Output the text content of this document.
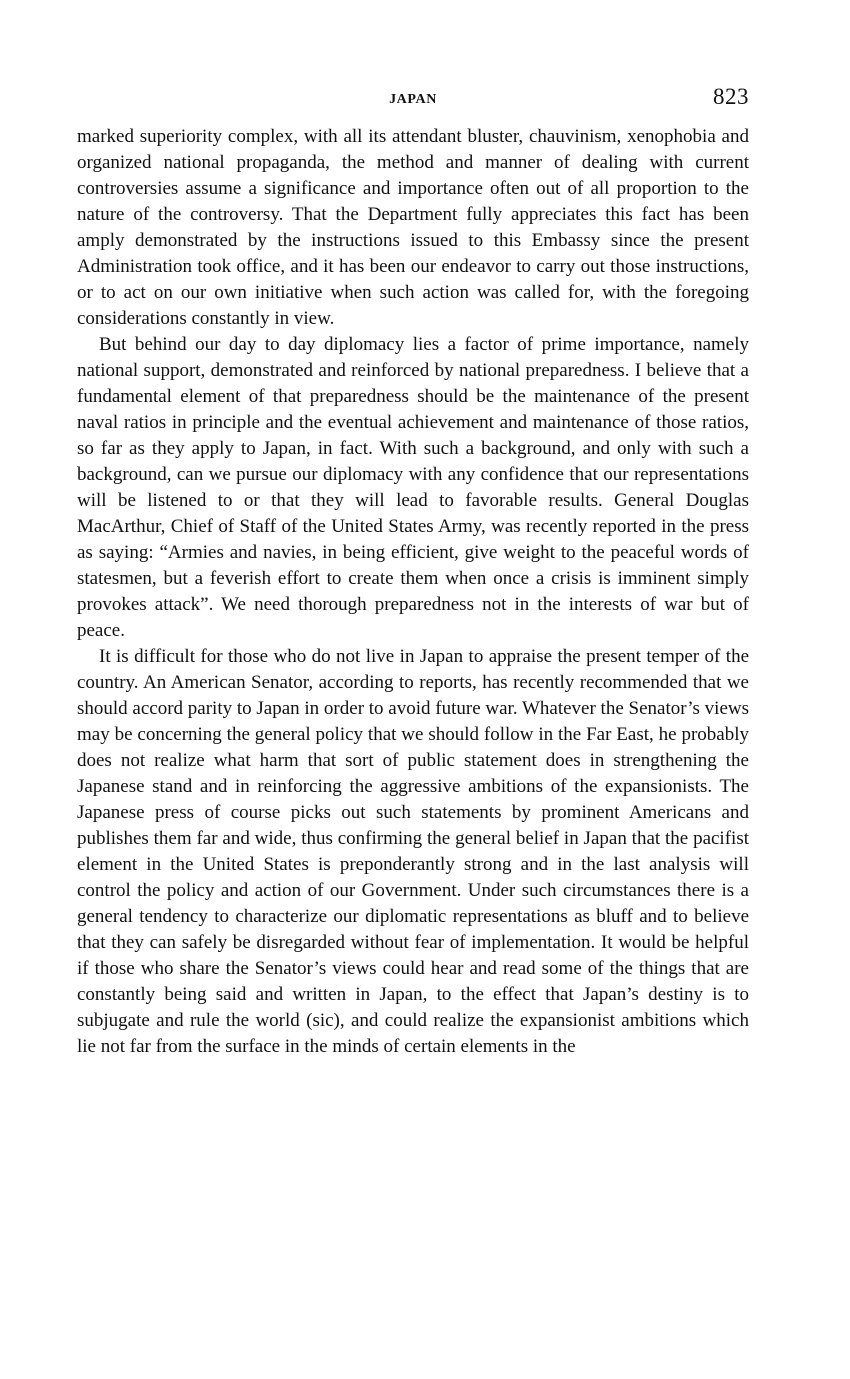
JAPAN	823

marked superiority complex, with all its attendant bluster, chauvinism, xenophobia and organized national propaganda, the method and manner of dealing with current controversies assume a significance and importance often out of all proportion to the nature of the controversy. That the Department fully appreciates this fact has been amply demonstrated by the instructions issued to this Embassy since the present Administration took office, and it has been our endeavor to carry out those instructions, or to act on our own initiative when such action was called for, with the foregoing considerations constantly in view.

But behind our day to day diplomacy lies a factor of prime importance, namely national support, demonstrated and reinforced by national preparedness. I believe that a fundamental element of that preparedness should be the maintenance of the present naval ratios in principle and the eventual achievement and maintenance of those ratios, so far as they apply to Japan, in fact. With such a background, and only with such a background, can we pursue our diplomacy with any confidence that our representations will be listened to or that they will lead to favorable results. General Douglas MacArthur, Chief of Staff of the United States Army, was recently reported in the press as saying: “Armies and navies, in being efficient, give weight to the peaceful words of statesmen, but a feverish effort to create them when once a crisis is imminent simply provokes attack”. We need thorough preparedness not in the interests of war but of peace.

It is difficult for those who do not live in Japan to appraise the present temper of the country. An American Senator, according to reports, has recently recommended that we should accord parity to Japan in order to avoid future war. Whatever the Senator’s views may be concerning the general policy that we should follow in the Far East, he probably does not realize what harm that sort of public statement does in strengthening the Japanese stand and in reinforcing the aggressive ambitions of the expansionists. The Japanese press of course picks out such statements by prominent Americans and publishes them far and wide, thus confirming the general belief in Japan that the pacifist element in the United States is preponderantly strong and in the last analysis will control the policy and action of our Government. Under such circumstances there is a general tendency to characterize our diplomatic representations as bluff and to believe that they can safely be disregarded without fear of implementation. It would be helpful if those who share the Senator’s views could hear and read some of the things that are constantly being said and written in Japan, to the effect that Japan’s destiny is to subjugate and rule the world (sic), and could realize the expansionist ambitions which lie not far from the surface in the minds of certain elements in the
